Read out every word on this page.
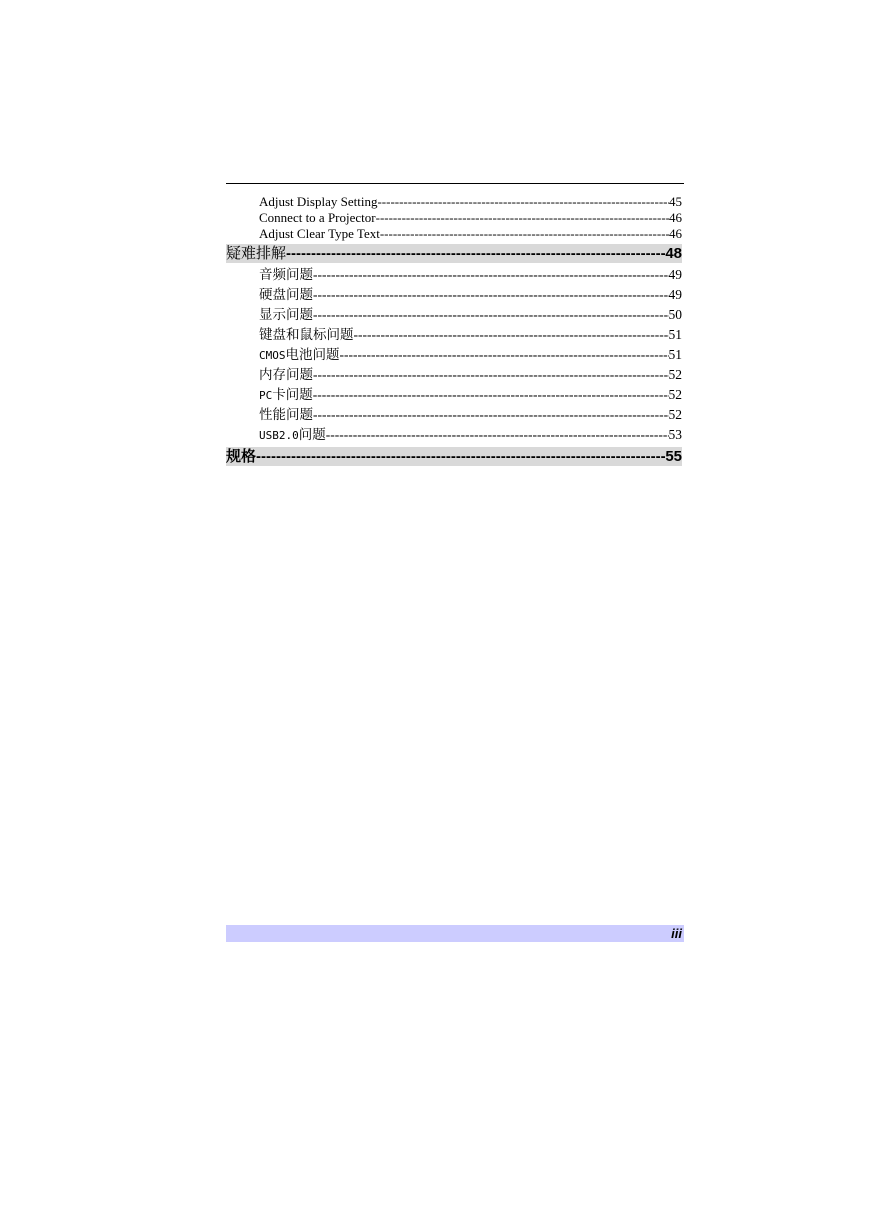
Adjust Display Setting -----	45
Connect to a Projector -----	46
Adjust Clear Type Text -----	46
疑难排解 -----	48
音频问题 -----	49
硬盘问题 -----	49
显示问题 -----	50
键盘和鼠标问题 -----	51
CMOS 电池问题 -----	51
内存问题 -----	52
PC 卡问题 -----	52
性能问题 -----	52
USB2.0 问题 -----	53
规格 -----	55
iii
